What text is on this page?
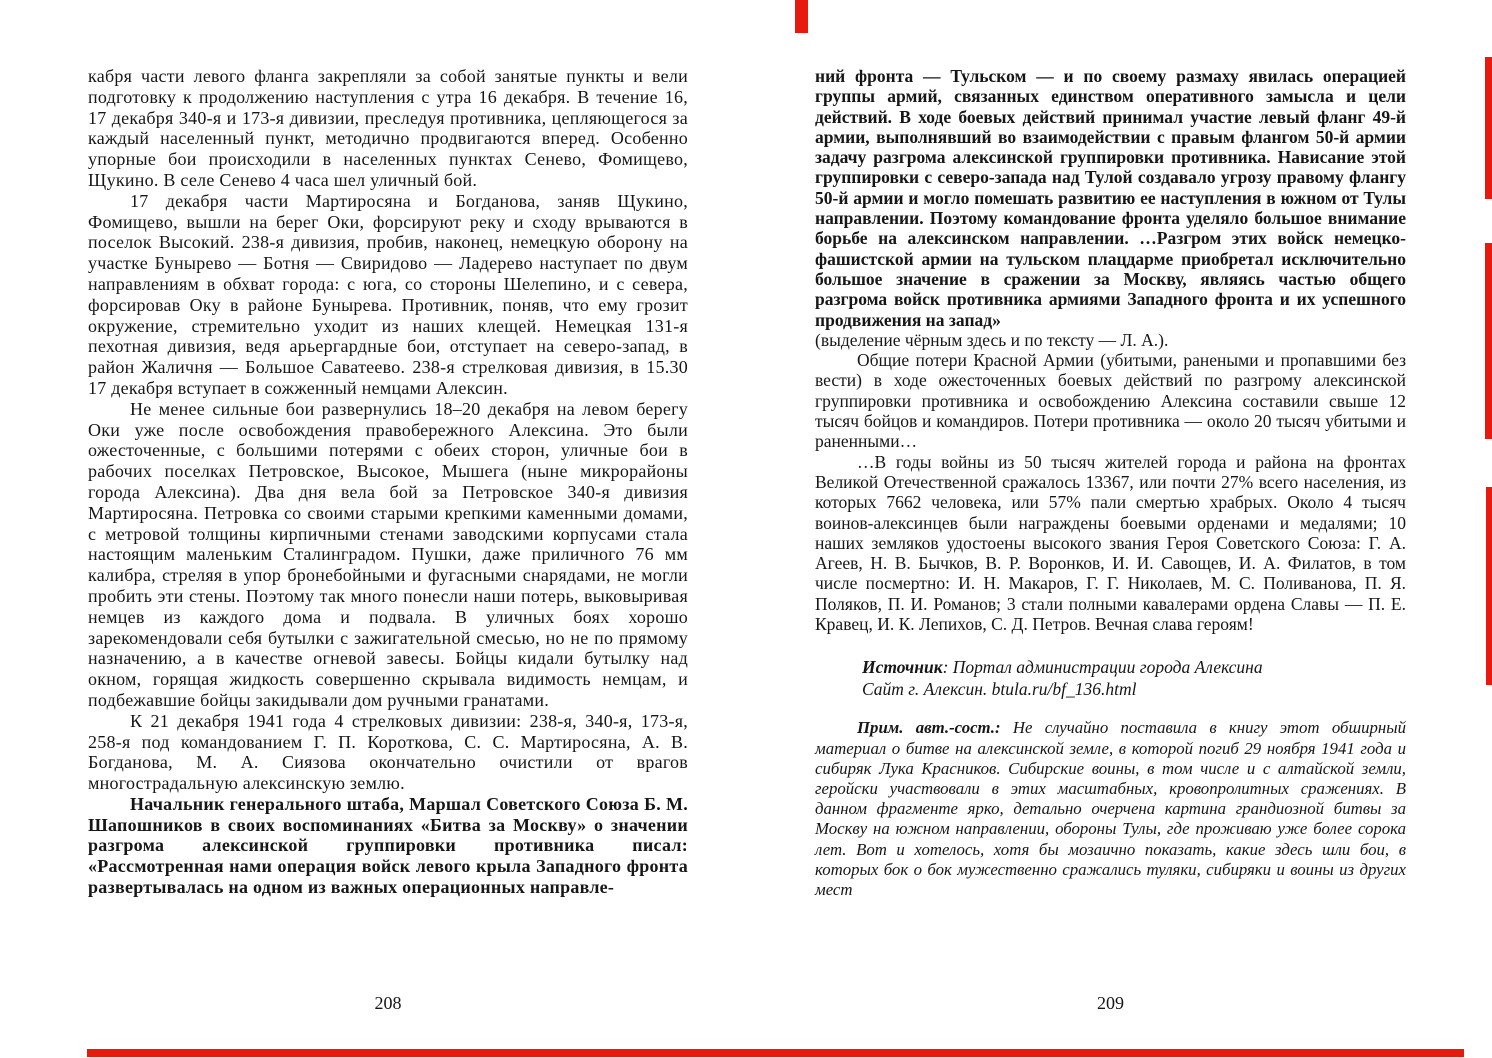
кабря части левого фланга закрепляли за собой занятые пункты и вели подготовку к продолжению наступления с утра 16 декабря. В течение 16, 17 декабря 340-я и 173-я дивизии, преследуя противника, цепляющегося за каждый населенный пункт, методично продвигаются вперед. Особенно упорные бои происходили в населенных пунктах Сенево, Фомищево, Щукино. В селе Сенево 4 часа шел уличный бой.

17 декабря части Мартиросяна и Богданова, заняв Щукино, Фомищево, вышли на берег Оки, форсируют реку и сходу врываются в поселок Высокий. 238-я дивизия, пробив, наконец, немецкую оборону на участке Бунырево — Ботня — Свиридово — Ладерево наступает по двум направлениям в обхват города: с юга, со стороны Шелепино, и с севера, форсировав Оку в районе Бунырева. Противник, поняв, что ему грозит окружение, стремительно уходит из наших клещей. Немецкая 131-я пехотная дивизия, ведя арьергардные бои, отступает на северо-запад, в район Жаличня — Большое Саватеево. 238-я стрелковая дивизия, в 15.30 17 декабря вступает в сожженный немцами Алексин.

Не менее сильные бои развернулись 18–20 декабря на левом берегу Оки уже после освобождения правобережного Алексина. Это были ожесточенные, с большими потерями с обеих сторон, уличные бои в рабочих поселках Петровское, Высокое, Мышега (ныне микрорайоны города Алексина). Два дня вела бой за Петровское 340-я дивизия Мартиросяна. Петровка со своими старыми крепкими каменными домами, с метровой толщины кирпичными стенами заводскими корпусами стала настоящим маленьким Сталинградом. Пушки, даже приличного 76 мм калибра, стреляя в упор бронебойными и фугасными снарядами, не могли пробить эти стены. Поэтому так много понесли наши потерь, выковыривая немцев из каждого дома и подвала. В уличных боях хорошо зарекомендовали себя бутылки с зажигательной смесью, но не по прямому назначению, а в качестве огневой завесы. Бойцы кидали бутылку над окном, горящая жидкость совершенно скрывала видимость немцам, и подбежавшие бойцы закидывали дом ручными гранатами.

К 21 декабря 1941 года 4 стрелковых дивизии: 238-я, 340-я, 173-я, 258-я под командованием Г. П. Короткова, С. С. Мартиросяна, А. В. Богданова, М. А. Сиязова окончательно очистили от врагов многострадальную алексинскую землю.

Начальник генерального штаба, Маршал Советского Союза Б. М. Шапошников в своих воспоминаниях «Битва за Москву» о значении разгрома алексинской группировки противника писал: «Рассмотренная нами операция войск левого крыла Западного фронта развертывалась на одном из важных операционных направле-

208

ний фронта — Тульском — и по своему размаху явилась операцией группы армий, связанных единством оперативного замысла и цели действий. В ходе боевых действий принимал участие левый фланг 49-й армии, выполнявший во взаимодействии с правым флангом 50-й армии задачу разгрома алексинской группировки противника. Нависание этой группировки с северо-запада над Тулой создавало угрозу правому флангу 50-й армии и могло помешать развитию ее наступления в южном от Тулы направлении. Поэтому командование фронта уделяло большое внимание борьбе на алексинском направлении. …Разгром этих войск немецко-фашистской армии на тульском плацдарме приобретал исключительно большое значение в сражении за Москву, являясь частью общего разгрома войск противника армиями Западного фронта и их успешного продвижения на запад»

(выделение чёрным здесь и по тексту — Л. А.).

Общие потери Красной Армии (убитыми, ранеными и пропавшими без вести) в ходе ожесточенных боевых действий по разгрому алексинской группировки противника и освобождению Алексина составили свыше 12 тысяч бойцов и командиров. Потери противника — около 20 тысяч убитыми и раненными…

…В годы войны из 50 тысяч жителей города и района на фронтах Великой Отечественной сражалось 13367, или почти 27% всего населения, из которых 7662 человека, или 57% пали смертью храбрых. Около 4 тысяч воинов-алексинцев были награждены боевыми орденами и медалями; 10 наших земляков удостоены высокого звания Героя Советского Союза: Г. А. Агеев, Н. В. Бычков, В. Р. Воронков, И. И. Савощев, И. А. Филатов, в том числе посмертно: И. Н. Макаров, Г. Г. Николаев, М. С. Поливанова, П. Я. Поляков, П. И. Романов; 3 стали полными кавалерами ордена Славы — П. Е. Кравец, И. К. Лепихов, С. Д. Петров. Вечная слава героям!

Источник: Портал администрации города Алексина

Сайт г. Алексин. btula.ru/bf_136.html

Прим. авт.-сост.: Не случайно поставила в книгу этот обширный материал о битве на алексинской земле, в которой погиб 29 ноября 1941 года и сибиряк Лука Красников. Сибирские воины, в том числе и с алтайской земли, геройски участвовали в этих масштабных, кровопролитных сражениях. В данном фрагменте ярко, детально очерчена картина грандиозной битвы за Москву на южном направлении, обороны Тулы, где проживаю уже более сорока лет. Вот и хотелось, хотя бы мозаично показать, какие здесь шли бои, в которых бок о бок мужественно сражались туляки, сибиряки и воины из других мест

209
